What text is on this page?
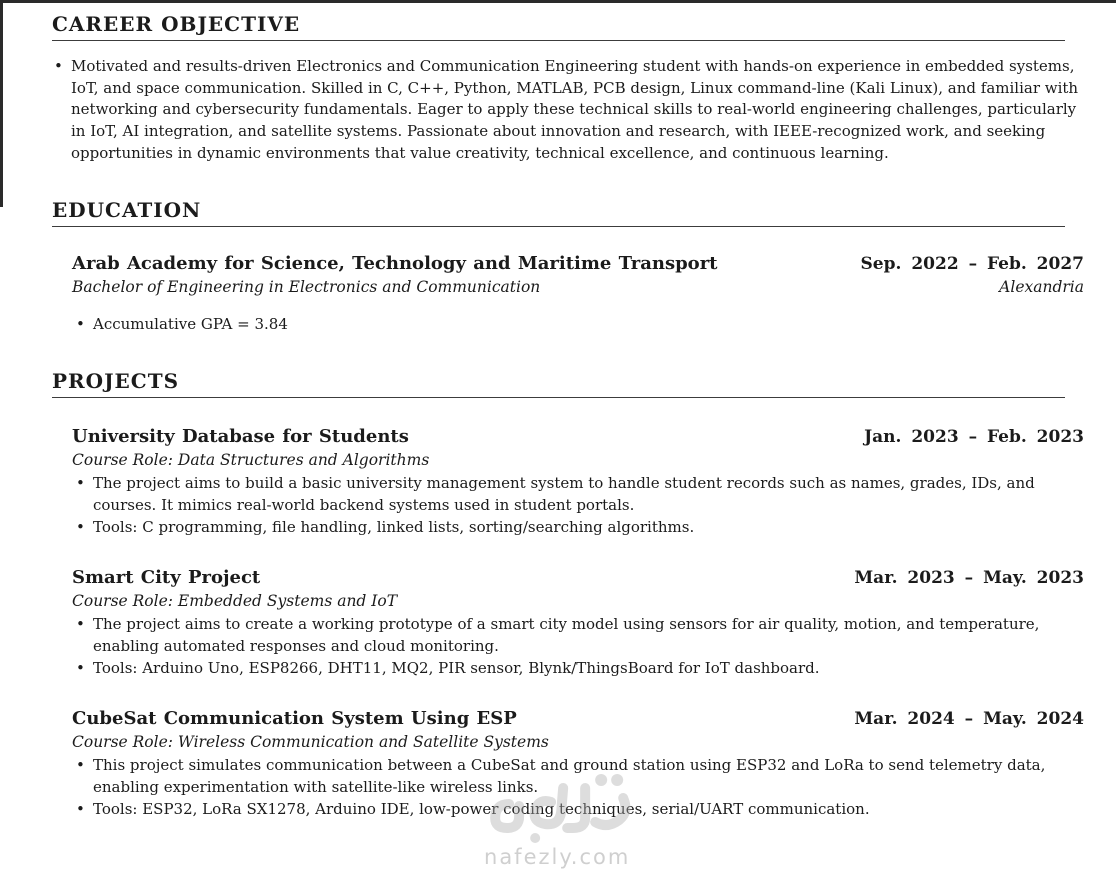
CAREER OBJECTIVE
• Motivated and results-driven Electronics and Communication Engineering student with hands-on experience in embedded systems, IoT, and space communication. Skilled in C, C++, Python, MATLAB, PCB design, Linux command-line (Kali Linux), and familiar with networking and cybersecurity fundamentals. Eager to apply these technical skills to real-world engineering challenges, particularly in IoT, AI integration, and satellite systems. Passionate about innovation and research, with IEEE-recognized work, and seeking opportunities in dynamic environments that value creativity, technical excellence, and continuous learning.
EDUCATION
Arab Academy for Science, Technology and Maritime Transport	Sep. 2022 – Feb. 2027
Bachelor of Engineering in Electronics and Communication	Alexandria
• Accumulative GPA = 3.84
PROJECTS
University Database for Students	Jan. 2023 – Feb. 2023
Course Role: Data Structures and Algorithms
• The project aims to build a basic university management system to handle student records such as names, grades, IDs, and courses. It mimics real-world backend systems used in student portals.
• Tools: C programming, file handling, linked lists, sorting/searching algorithms.
Smart City Project	Mar. 2023 – May. 2023
Course Role: Embedded Systems and IoT
• The project aims to create a working prototype of a smart city model using sensors for air quality, motion, and temperature, enabling automated responses and cloud monitoring.
• Tools: Arduino Uno, ESP8266, DHT11, MQ2, PIR sensor, Blynk/ThingsBoard for IoT dashboard.
CubeSat Communication System Using ESP	Mar. 2024 – May. 2024
Course Role: Wireless Communication and Satellite Systems
• This project simulates communication between a CubeSat and ground station using ESP32 and LoRa to send telemetry data, enabling experimentation with satellite-like wireless links.
• Tools: ESP32, LoRa SX1278, Arduino IDE, low-power coding techniques, serial/UART communication.
nafezly.com
